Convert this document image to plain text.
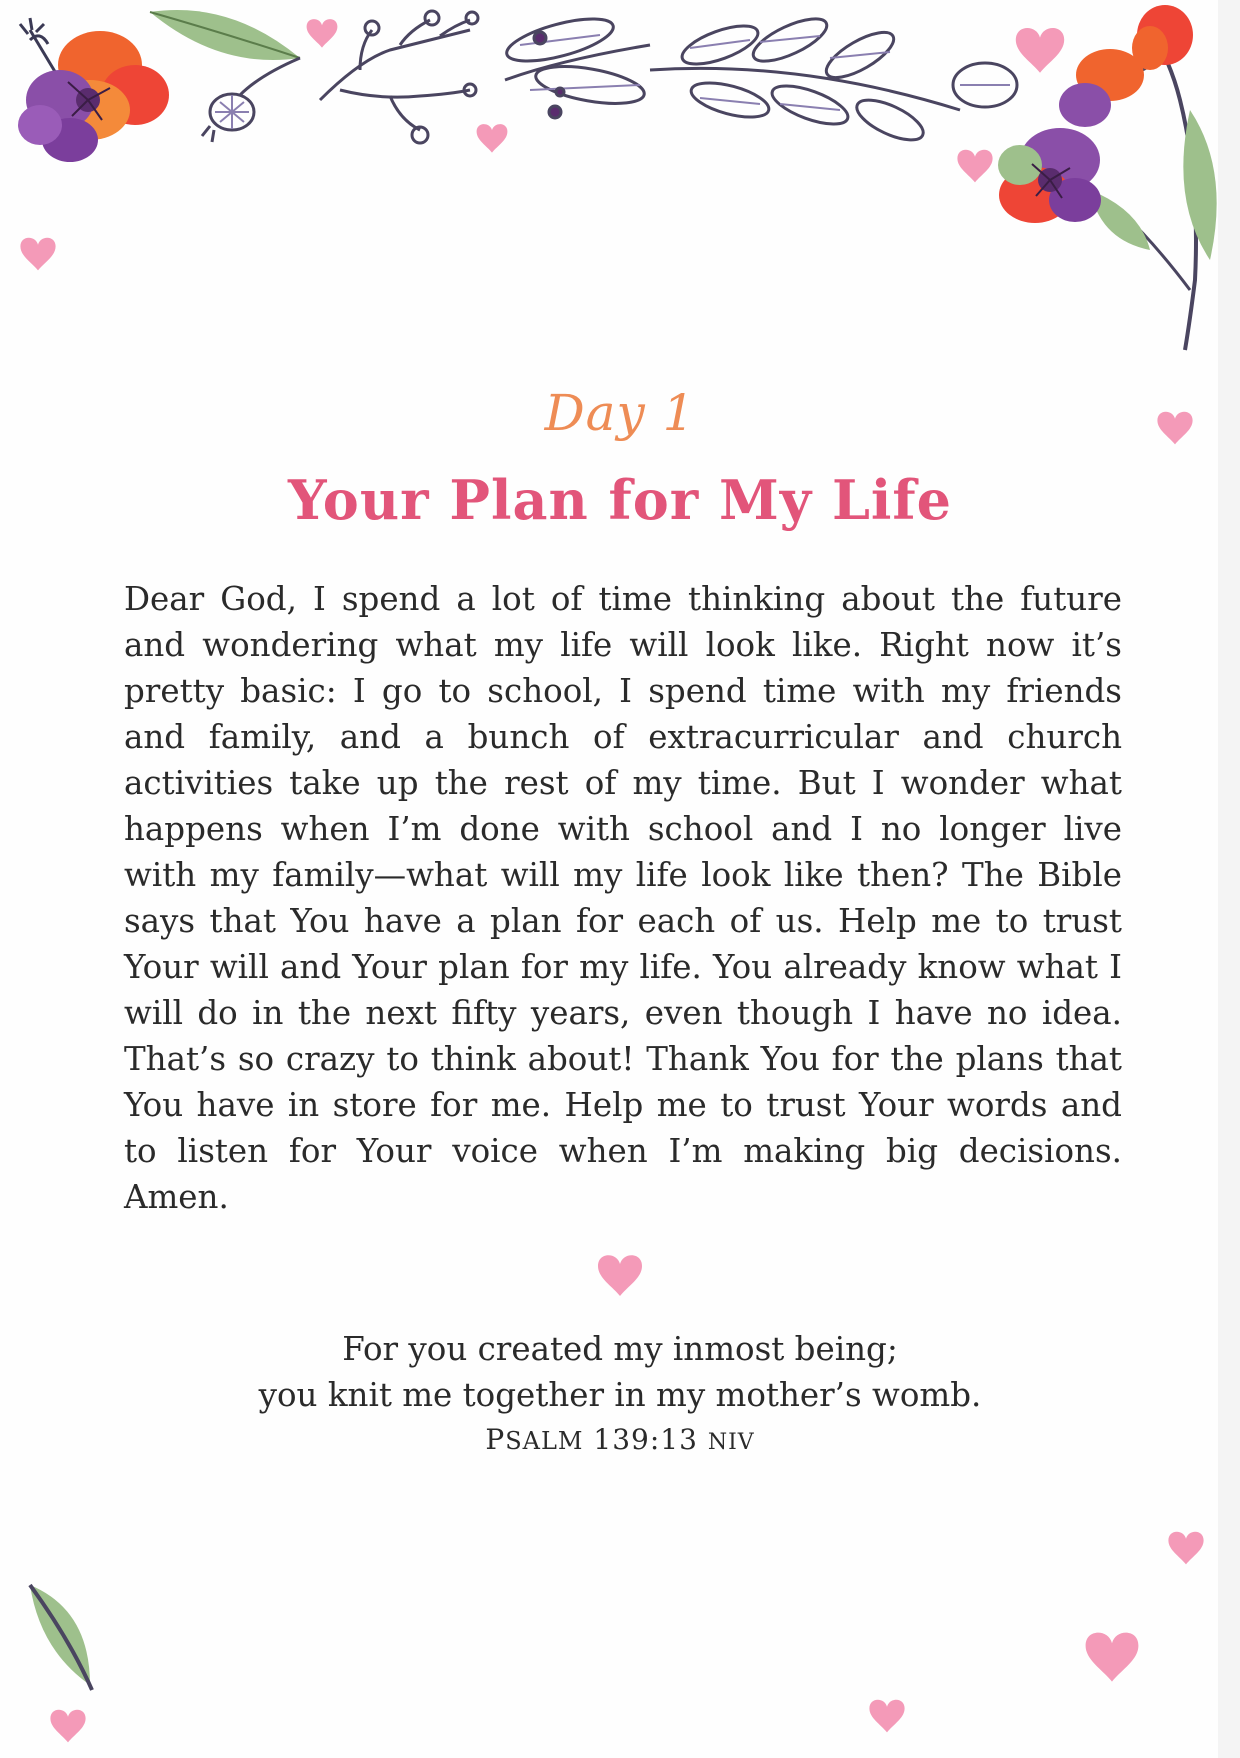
Day 1
Your Plan for My Life

Dear God, I spend a lot of time thinking about the future and wondering what my life will look like. Right now it’s pretty basic: I go to school, I spend time with my friends and family, and a bunch of extracurricular and church activities take up the rest of my time. But I wonder what happens when I’m done with school and I no longer live with my family—what will my life look like then? The Bible says that You have a plan for each of us. Help me to trust Your will and Your plan for my life. You already know what I will do in the next fifty years, even though I have no idea. That’s so crazy to think about! Thank You for the plans that You have in store for me. Help me to trust Your words and to listen for Your voice when I’m making big decisions. Amen.

For you created my inmost being;
you knit me together in my mother’s womb.
PSALM 139:13 NIV
